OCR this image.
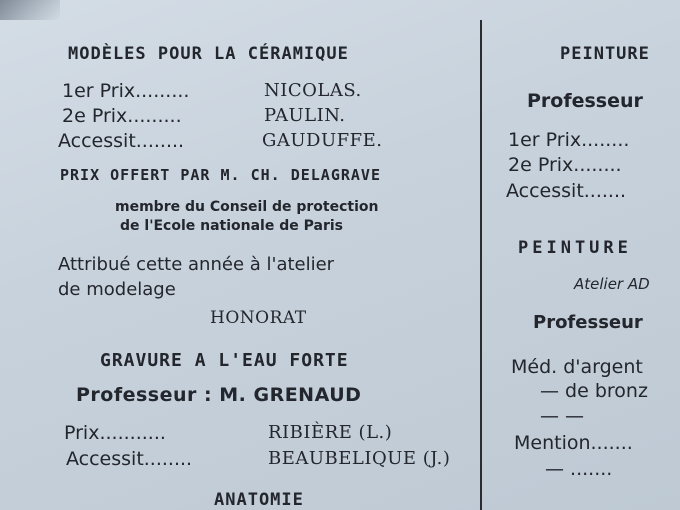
MODÈLES POUR LA CÉRAMIQUE
1er Prix.........	NICOLAS.
2e Prix.........	PAULIN.
Accessit........	GAUDUFFE.
PRIX OFFERT PAR M. CH. DELAGRAVE
membre du Conseil de protection
de l'Ecole nationale de Paris
Attribué cette année à l'atelier
de modelage
HONORAT
GRAVURE A L'EAU FORTE
Professeur : M. GRENAUD
Prix...........	RIBIÈRE (L.)
Accessit........	BEAUBELIQUE (J.)
ANATOMIE
PEINTURE
Professeur
1er Prix........
2e Prix........
Accessit.......
PEINTURE
Atelier AD
Professeur
Méd. d'argent
— de bronz
— —
Mention.......
— .......
